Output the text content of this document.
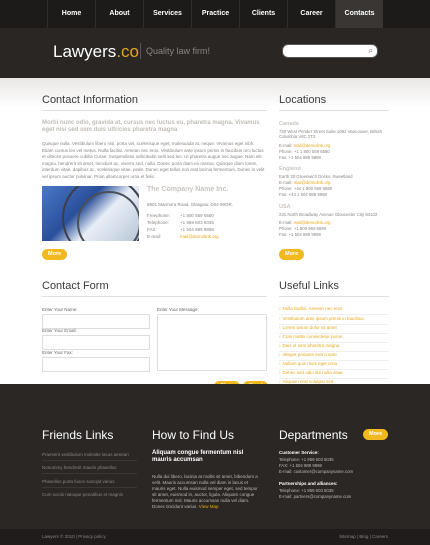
Home	About	Services	Practice	Clients	Career	Contacts
Lawyers.co Quality law firm!	⌕
Contact Information
Morbi nunc odio, gravida at, cursus nec luctus eu, pharetra magna. Vivamus eget nisi sed sem duis ultricies pharetra magna
Quisque nulla. Vestibulum libero nisl, porta vel, scelerisque eget, malesuada at, neque. Vivamus eget nibh. Etiam cursus leo vel metus. Nulla facilisi. Aenean nec eros. Vestibulum ante ipsum primis in faucibus orci luctus et ultrices posuere cubilia Curae; Suspendisse sollicitudin velit sed leo. Ut pharetra augue nec augue. Nam elit magna, hendrerit sit amet, tincidunt ac, viverra sed, nulla. Donec porta diam eu massa. Quisque diam lorem, interdum vitae, dapibus ac, scelerisque vitae, pede. Donec eget tellus non erat lacinia fermentum. Donec in velit vel ipsum auctor pulvinar. Proin ullamcorper urna et felis.
The Company Name Inc.
8901 Marmora Road, Glasgow, D04 89GR.
Freephone: +1 800 559 6580
Telephone: +1 959 603 6035
FAX:	+1 504 889 9898
E-mail:	mail@demolink.org
More
Locations
Canada
730 West Pender Street Suite 1062 Vancouver, British Columbia V6C 2T3
E-mail: mail@demolink.org
Phone: +1 1 800 559 6580
Fax: +1 504 889 9898
England
Earth 20 Greenwich Docks, Sweetland
E-mail: mail@demolink.org
Phone: +44 1 800 559 6580
Fax: +44 1 504 889 9898
USA
231 North Broadway Avenue Gloucester City 94102
E-mail: mail@demolink.org
Phone: +1 800 559 6580
Fax: +1 504 889 9898
More
Contact Form
Enter Your Name:
Enter Your Email:
Enter Your Fax:
Enter Your Message:
Useful Links
› Nulla facilisi. Aenean nec eros
› Vestibulum ante ipsum primis in faucibus
› Lorem ipsum dolor sit amet
› Cras mattis consectetur purus
› Duis ut sem pharetra magna
› Integer posuere erat a ante
› Nullam quis risus eget urna
› Donec sed odio dui nulla vitae
› Aliquam erat volutpat sed
Friends Links
Praesent vestibulum molestie lacus aenean
Nonummy hendrerit mauris phasellus
Phasellus porta fusce suscipit varius
Cum sociis natoque penatibus et magnis
How to Find Us
Aliquam congue fermentum nisl mauris accumsan
Nulla dui libero, lacinia at mollis sit amet, bibendum a velit. Mauris accumsan nulla vel diam in lacus et mauris eget. Nulla euismod semper eget, sed tempor sit amet, euismod in, auctor, ligula. Aliquam congue fermentum nisl. Mauris accumsan nulla vel diam. Donec tincidunt varius. View Map
Departments	More
Customer Service:
Telephone: +1 959 603 6035
FAX: +1 504 889 9898
E-mail: customer@companyname.com
Partnerships and alliances:
Telephone: +1 959 603 6035
E-mail: partners@companyname.com
Lawyers © 2010 | Privacy policy	Sitemap | Blog | Careers
